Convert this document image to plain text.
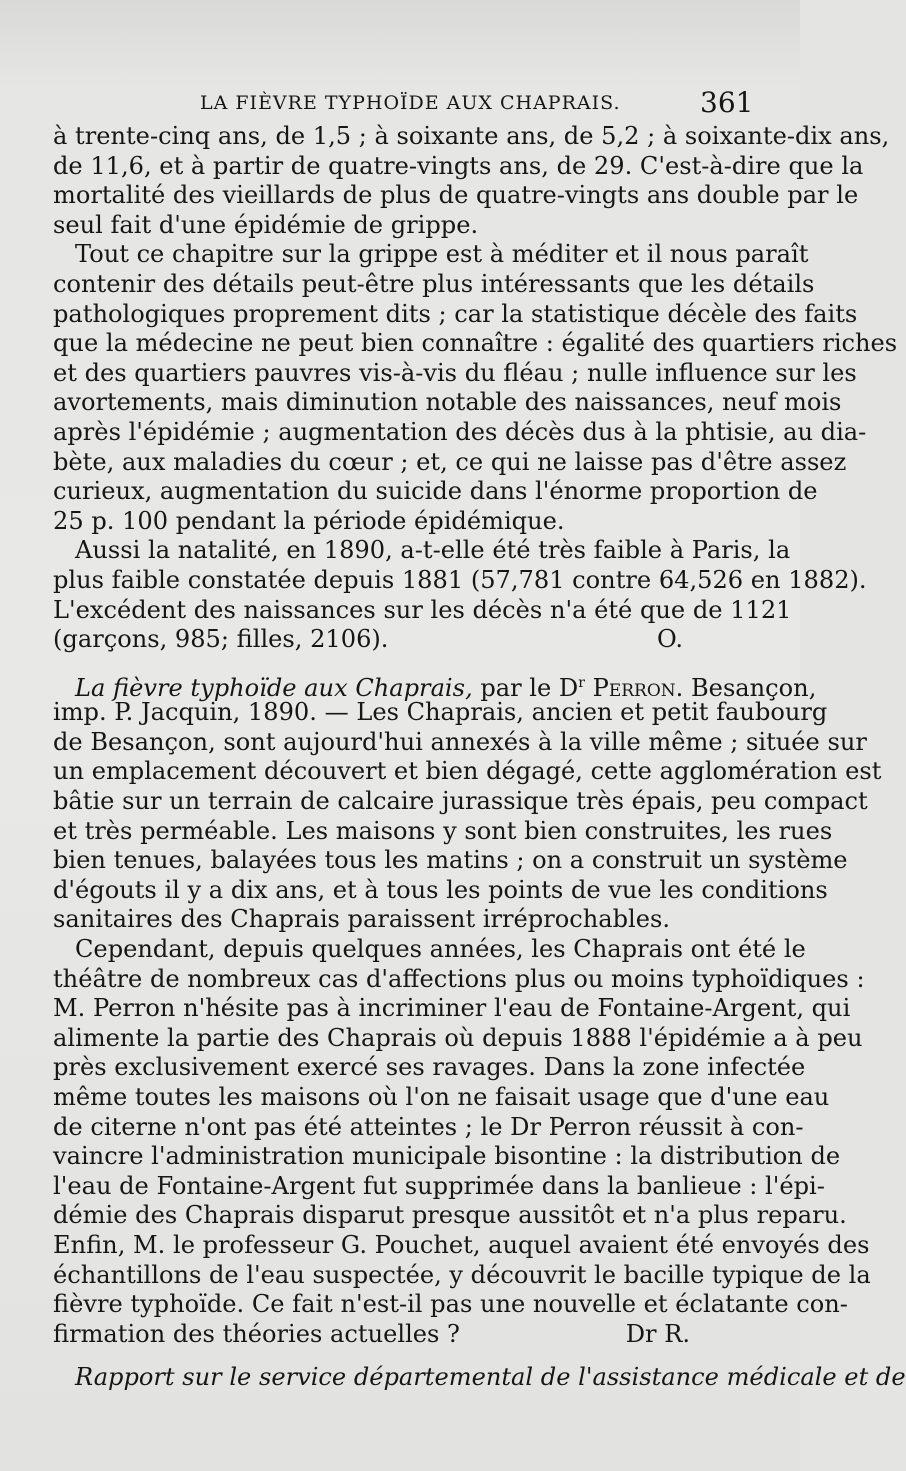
LA FIÈVRE TYPHOÏDE AUX CHAPRAIS.	361
à trente-cinq ans, de 1,5 ; à soixante ans, de 5,2 ; à soixante-dix ans,
de 11,6, et à partir de quatre-vingts ans, de 29. C'est-à-dire que la
mortalité des vieillards de plus de quatre-vingts ans double par le
seul fait d'une épidémie de grippe.
Tout ce chapitre sur la grippe est à méditer et il nous paraît
contenir des détails peut-être plus intéressants que les détails
pathologiques proprement dits ; car la statistique décèle des faits
que la médecine ne peut bien connaître : égalité des quartiers riches
et des quartiers pauvres vis-à-vis du fléau ; nulle influence sur les
avortements, mais diminution notable des naissances, neuf mois
après l'épidémie ; augmentation des décès dus à la phtisie, au dia-
bète, aux maladies du cœur ; et, ce qui ne laisse pas d'être assez
curieux, augmentation du suicide dans l'énorme proportion de
25 p. 100 pendant la période épidémique.
Aussi la natalité, en 1890, a-t-elle été très faible à Paris, la
plus faible constatée depuis 1881 (57,781 contre 64,526 en 1882).
L'excédent des naissances sur les décès n'a été que de 1121
(garçons, 985; filles, 2106).	O.
La fièvre typhoïde aux Chaprais, par le $D^r$ Perron. Besançon,
imp. P. Jacquin, 1890. — Les Chaprais, ancien et petit faubourg
de Besançon, sont aujourd'hui annexés à la ville même ; située sur
un emplacement découvert et bien dégagé, cette agglomération est
bâtie sur un terrain de calcaire jurassique très épais, peu compact
et très perméable. Les maisons y sont bien construites, les rues
bien tenues, balayées tous les matins ; on a construit un système
d'égouts il y a dix ans, et à tous les points de vue les conditions
sanitaires des Chaprais paraissent irréprochables.
Cependant, depuis quelques années, les Chaprais ont été le
théâtre de nombreux cas d'affections plus ou moins typhoïdiques :
M. Perron n'hésite pas à incriminer l'eau de Fontaine-Argent, qui
alimente la partie des Chaprais où depuis 1888 l'épidémie a à peu
près exclusivement exercé ses ravages. Dans la zone infectée
même toutes les maisons où l'on ne faisait usage que d'une eau
de citerne n'ont pas été atteintes ; le Dr Perron réussit à con-
vaincre l'administration municipale bisontine : la distribution de
l'eau de Fontaine-Argent fut supprimée dans la banlieue : l'épi-
démie des Chaprais disparut presque aussitôt et n'a plus reparu.
Enfin, M. le professeur G. Pouchet, auquel avaient été envoyés des
échantillons de l'eau suspectée, y découvrit le bacille typique de la
fièvre typhoïde. Ce fait n'est-il pas une nouvelle et éclatante con-
firmation des théories actuelles ?	Dr R.
Rapport sur le service départemental de l'assistance médicale et de
